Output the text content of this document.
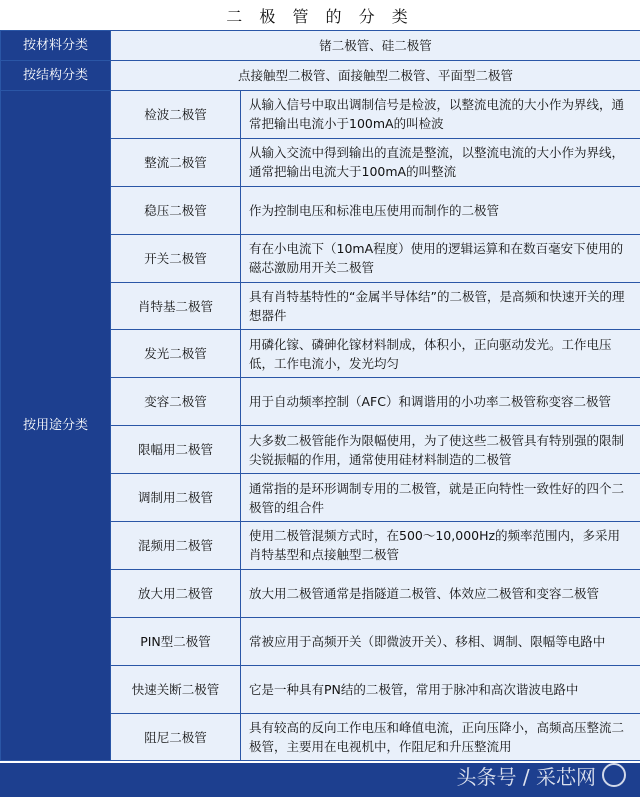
二 极 管 的 分 类
按材料分类	锗二极管、硅二极管	
按结构分类	点接触型二极管、面接触型二极管、平面型二极管	
按用途分类	检波二极管	从输入信号中取出调制信号是检波，以整流电流的大小作为界线，通常把输出电流小于100mA的叫检波
	整流二极管	从输入交流中得到输出的直流是整流，以整流电流的大小作为界线，通常把输出电流大于100mA的叫整流
	稳压二极管	作为控制电压和标准电压使用而制作的二极管
	开关二极管	有在小电流下（10mA程度）使用的逻辑运算和在数百毫安下使用的磁芯激励用开关二极管
	肖特基二极管	具有肖特基特性的“金属半导体结”的二极管，是高频和快速开关的理想器件
	发光二极管	用磷化镓、磷砷化镓材料制成，体积小，正向驱动发光。工作电压低，工作电流小，发光均匀
	变容二极管	用于自动频率控制（AFC）和调谐用的小功率二极管称变容二极管
	限幅用二极管	大多数二极管能作为限幅使用，为了使这些二极管具有特别强的限制尖锐振幅的作用，通常使用硅材料制造的二极管
	调制用二极管	通常指的是环形调制专用的二极管，就是正向特性一致性好的四个二极管的组合件
	混频用二极管	使用二极管混频方式时，在500～10,000Hz的频率范围内，多采用肖特基型和点接触型二极管
	放大用二极管	放大用二极管通常是指隧道二极管、体效应二极管和变容二极管
	PIN型二极管	常被应用于高频开关（即微波开关）、移相、调制、限幅等电路中
	快速关断二极管	它是一种具有PN结的二极管，常用于脉冲和高次谐波电路中
	阻尼二极管	具有较高的反向工作电压和峰值电流，正向压降小，高频高压整流二极管，主要用在电视机中，作阻尼和升压整流用
头条号 / 采芯网
